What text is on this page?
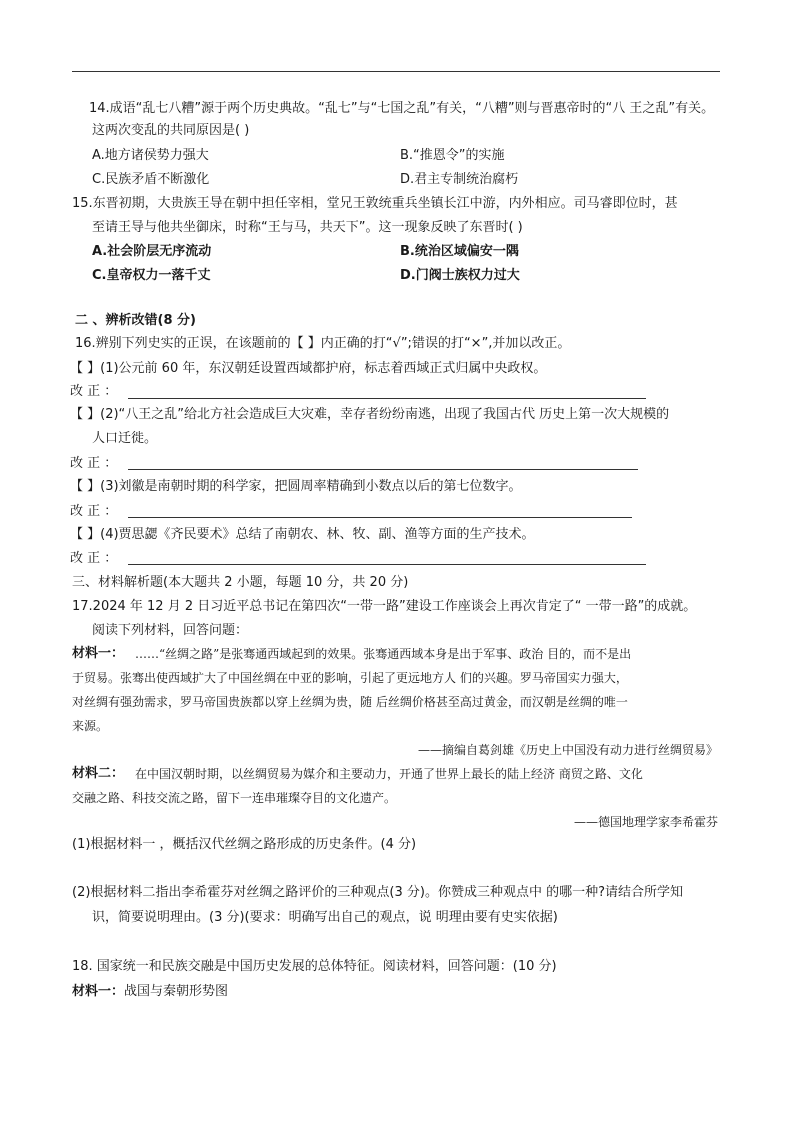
14.成语“乱七八糟”源于两个历史典故。“乱七”与“七国之乱”有关，“八糟”则与晋惠帝时的“八 王之乱”有关。
这两次变乱的共同原因是( )
A.地方诸侯势力强大	B.“推恩令”的实施
C.民族矛盾不断激化	D.君主专制统治腐朽
15.东晋初期，大贵族王导在朝中担任宰相，堂兄王敦统重兵坐镇长江中游，内外相应。司马睿即位时，甚
至请王导与他共坐御床，时称“王与马，共天下”。这一现象反映了东晋时( )
A.社会阶层无序流动	B.统治区域偏安一隅
C.皇帝权力一落千丈	D.门阀士族权力过大
二 、辨析改错(8 分)
16.辨别下列史实的正误，在该题前的【 】内正确的打“√”;错误的打“×”,并加以改正。
【 】(1)公元前 60 年，东汉朝廷设置西域都护府，标志着西域正式归属中央政权。
改 正 ：
【 】(2)“八王之乱”给北方社会造成巨大灾难，幸存者纷纷南逃，出现了我国古代 历史上第一次大规模的
人口迁徙。
改 正 ：
【 】(3)刘徽是南朝时期的科学家，把圆周率精确到小数点以后的第七位数字。
改 正 ：
【 】(4)贾思勰《齐民要术》总结了南朝农、林、牧、副、渔等方面的生产技术。
改 正 ：
三、材料解析题(本大题共 2 小题，每题 10 分，共 20 分)
17.2024 年 12 月 2 日习近平总书记在第四次“一带一路”建设工作座谈会上再次肯定了“ 一带一路”的成就。
阅读下列材料，回答问题：
材料一： ……“丝绸之路”是张骞通西域起到的效果。张骞通西域本身是出于军事、政治 目的，而不是出
于贸易。张骞出使西域扩大了中国丝绸在中亚的影响，引起了更远地方人 们的兴趣。罗马帝国实力强大，
对丝绸有强劲需求，罗马帝国贵族都以穿上丝绸为贵，随 后丝绸价格甚至高过黄金，而汉朝是丝绸的唯一
来源。
——摘编自葛剑雄《历史上中国没有动力进行丝绸贸易》
材料二： 在中国汉朝时期，以丝绸贸易为媒介和主要动力，开通了世界上最长的陆上经济 商贸之路、文化
交融之路、科技交流之路，留下一连串璀璨夺目的文化遗产。
——德国地理学家李希霍芬
(1)根据材料一 ，概括汉代丝绸之路形成的历史条件。(4 分)
(2)根据材料二指出李希霍芬对丝绸之路评价的三种观点(3 分)。你赞成三种观点中 的哪一种?请结合所学知
识，简要说明理由。(3 分)(要求：明确写出自己的观点，说 明理由要有史实依据)
18. 国家统一和民族交融是中国历史发展的总体特征。阅读材料，回答问题：(10 分)
材料一：战国与秦朝形势图
